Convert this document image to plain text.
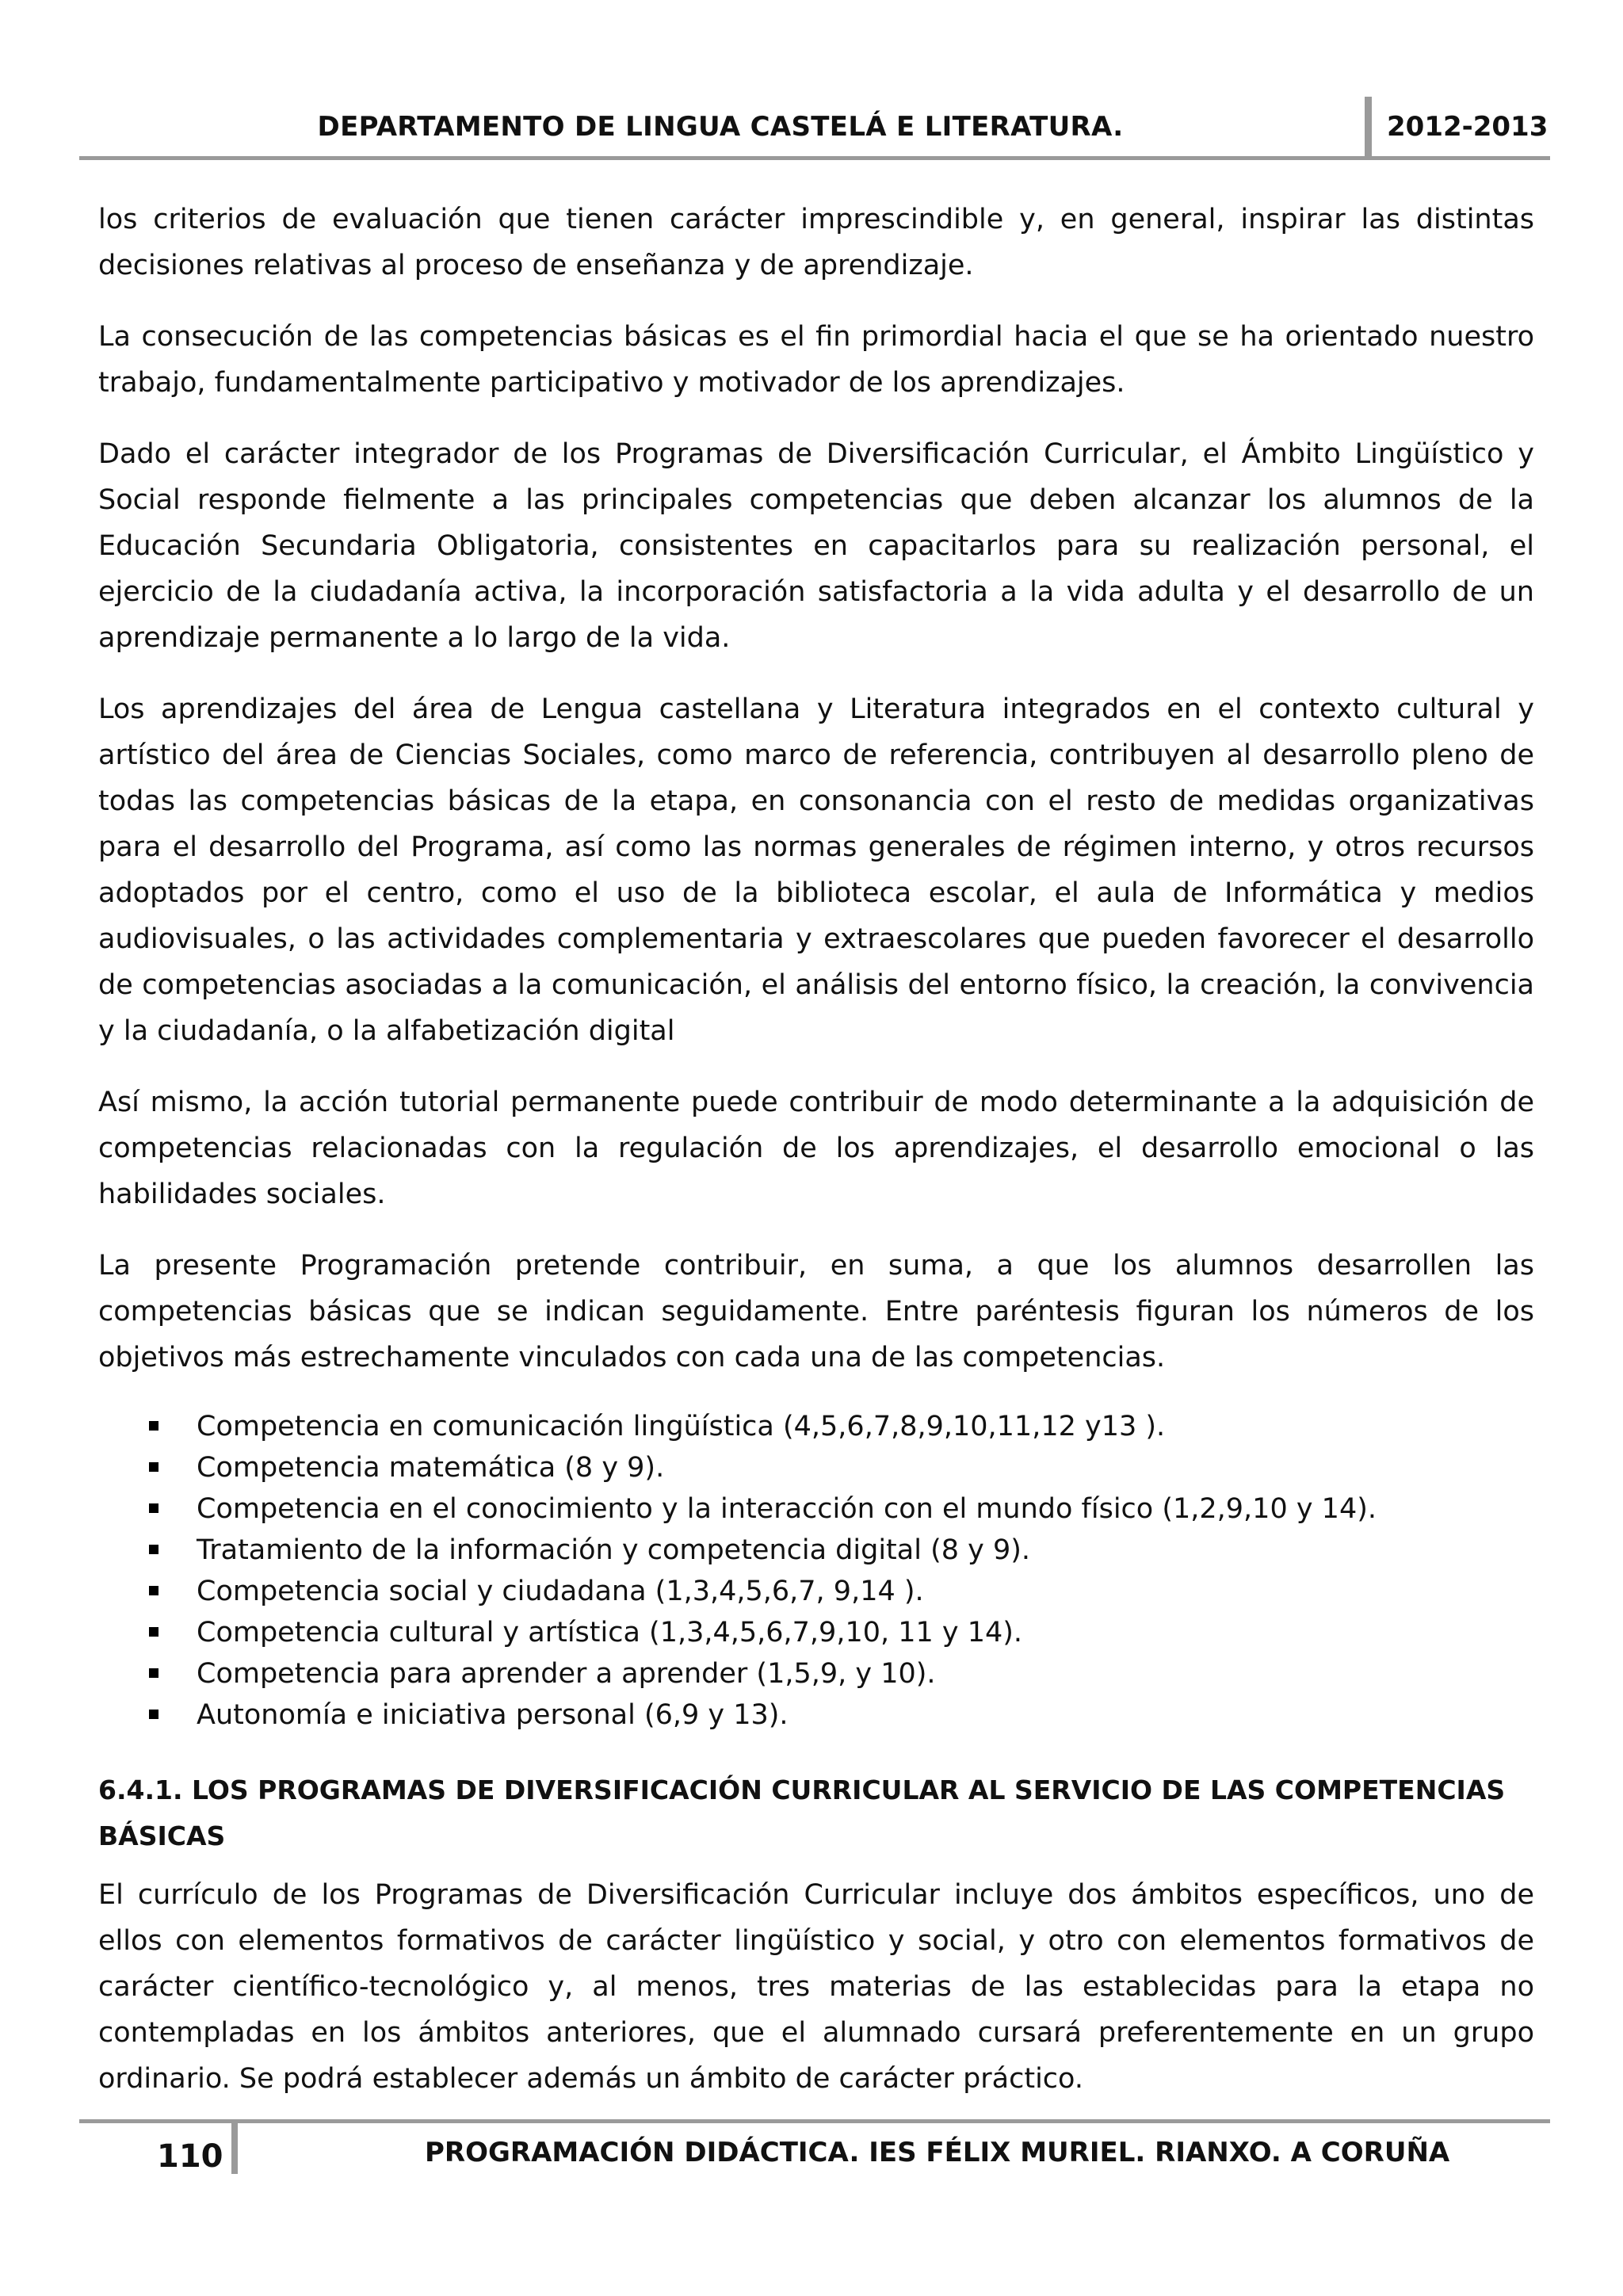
DEPARTAMENTO DE LINGUA CASTELÁ E LITERATURA.	2012-2013

los criterios de evaluación que tienen carácter imprescindible y, en general, inspirar las distintas decisiones relativas al proceso de enseñanza y de aprendizaje.

La consecución de las competencias básicas es el fin primordial hacia el que se ha orientado nuestro trabajo, fundamentalmente participativo y motivador de los aprendizajes.

Dado el carácter integrador de los Programas de Diversificación Curricular, el Ámbito Lingüístico y Social responde fielmente a las principales competencias que deben alcanzar los alumnos de la Educación Secundaria Obligatoria, consistentes en capacitarlos para su realización personal, el ejercicio de la ciudadanía activa, la incorporación satisfactoria a la vida adulta y el desarrollo de un aprendizaje permanente a lo largo de la vida.

Los aprendizajes del área de Lengua castellana y Literatura integrados en el contexto cultural y artístico del área de Ciencias Sociales, como marco de referencia, contribuyen al desarrollo pleno de todas las competencias básicas de la etapa, en consonancia con el resto de medidas organizativas para el desarrollo del Programa, así como las normas generales de régimen interno, y otros recursos adoptados por el centro, como el uso de la biblioteca escolar, el aula de Informática y medios audiovisuales, o las actividades complementaria y extraescolares que pueden favorecer el desarrollo de competencias asociadas a la comunicación, el análisis del entorno físico, la creación, la convivencia y la ciudadanía, o la alfabetización digital

Así mismo, la acción tutorial permanente puede contribuir de modo determinante a la adquisición de competencias relacionadas con la regulación de los aprendizajes, el desarrollo emocional o las habilidades sociales.

La presente Programación pretende contribuir, en suma, a que los alumnos desarrollen las competencias básicas que se indican seguidamente. Entre paréntesis figuran los números de los objetivos más estrechamente vinculados con cada una de las competencias.

Competencia en comunicación lingüística (4,5,6,7,8,9,10,11,12 y13 ).
Competencia matemática (8 y 9).
Competencia en el conocimiento y la interacción con el mundo físico (1,2,9,10 y 14).
Tratamiento de la información y competencia digital (8 y 9).
Competencia social y ciudadana (1,3,4,5,6,7, 9,14 ).
Competencia cultural y artística (1,3,4,5,6,7,9,10, 11 y 14).
Competencia para aprender a aprender (1,5,9, y 10).
Autonomía e iniciativa personal (6,9 y 13).
6.4.1. LOS PROGRAMAS DE DIVERSIFICACIÓN CURRICULAR AL SERVICIO DE LAS COMPETENCIAS BÁSICAS

El currículo de los Programas de Diversificación Curricular incluye dos ámbitos específicos, uno de ellos con elementos formativos de carácter lingüístico y social, y otro con elementos formativos de carácter científico-tecnológico y, al menos, tres materias de las establecidas para la etapa no contempladas en los ámbitos anteriores, que el alumnado cursará preferentemente en un grupo ordinario. Se podrá establecer además un ámbito de carácter práctico.

110	PROGRAMACIÓN DIDÁCTICA. IES FÉLIX MURIEL. RIANXO. A CORUÑA
